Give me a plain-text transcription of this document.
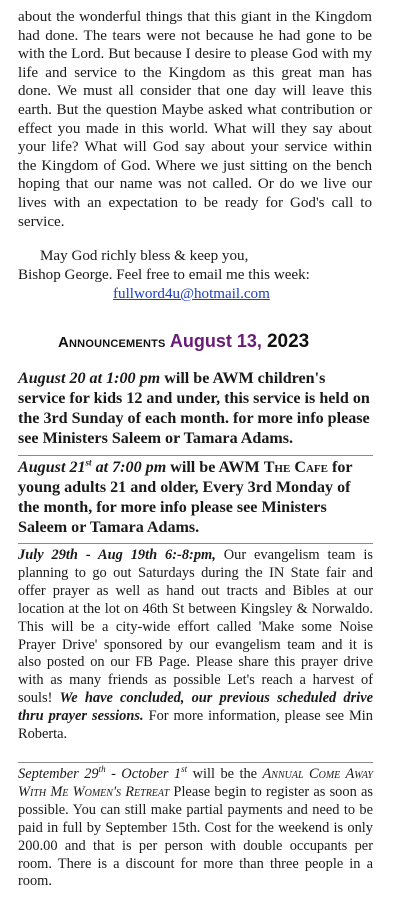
about the wonderful things that this giant in the Kingdom had done. The tears were not because he had gone to be with the Lord. But because I desire to please God with my life and service to the Kingdom as this great man has done. We must all consider that one day will leave this earth. But the question Maybe asked what contribution or effect you made in this world. What will they say about your life? What will God say about your service within the Kingdom of God. Where we just sitting on the bench hoping that our name was not called. Or do we live our lives with an expectation to be ready for God's call to service.

May God richly bless & keep you,
Bishop George. Feel free to email me this week:
fullword4u@hotmail.com
Announcements August 13, 2023
August 20 at 1:00 pm will be AWM children's service for kids 12 and under, this service is held on the 3rd Sunday of each month. for more info please see Ministers Saleem or Tamara Adams.
August 21st at 7:00 pm will be AWM The Cafe for young adults 21 and older, Every 3rd Monday of the month, for more info please see Ministers Saleem or Tamara Adams.
July 29th - Aug 19th 6:-8:pm, Our evangelism team is planning to go out Saturdays during the IN State fair and offer prayer as well as hand out tracts and Bibles at our location at the lot on 46th St between Kingsley & Norwaldo. This will be a city-wide effort called 'Make some Noise Prayer Drive' sponsored by our evangelism team and it is also posted on our FB Page. Please share this prayer drive with as many friends as possible Let's reach a harvest of souls! We have concluded, our previous scheduled drive thru prayer sessions. For more information, please see Min Roberta.
September 29th - October 1st will be the Annual Come Away With Me Women's Retreat Please begin to register as soon as possible. You can still make partial payments and need to be paid in full by September 15th. Cost for the weekend is only 200.00 and that is per person with double occupants per room. There is a discount for more than three people in a room.
